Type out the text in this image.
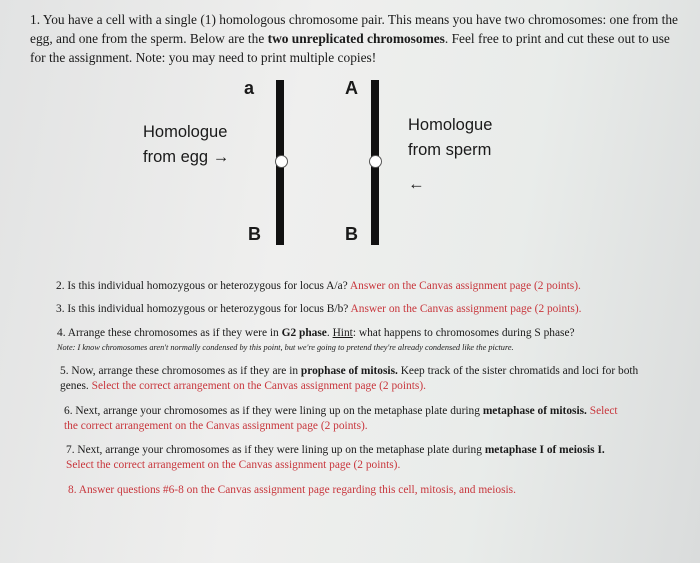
1. You have a cell with a single (1) homologous chromosome pair. This means you have two chromosomes: one from the egg, and one from the sperm. Below are the two unreplicated chromosomes. Feel free to print and cut these out to use for the assignment. Note: you may need to print multiple copies!
a	A
Homologue
from egg →
Homologue
from sperm
←
B	B
2. Is this individual homozygous or heterozygous for locus A/a? Answer on the Canvas assignment page (2 points).
3. Is this individual homozygous or heterozygous for locus B/b? Answer on the Canvas assignment page (2 points).
4. Arrange these chromosomes as if they were in G2 phase. Hint: what happens to chromosomes during S phase?
Note: I know chromosomes aren't normally condensed by this point, but we're going to pretend they're already condensed like the picture.
5. Now, arrange these chromosomes as if they are in prophase of mitosis. Keep track of the sister chromatids and loci for both genes. Select the correct arrangement on the Canvas assignment page (2 points).
6. Next, arrange your chromosomes as if they were lining up on the metaphase plate during metaphase of mitosis. Select the correct arrangement on the Canvas assignment page (2 points).
7. Next, arrange your chromosomes as if they were lining up on the metaphase plate during metaphase I of meiosis I. Select the correct arrangement on the Canvas assignment page (2 points).
8. Answer questions #6-8 on the Canvas assignment page regarding this cell, mitosis, and meiosis.
